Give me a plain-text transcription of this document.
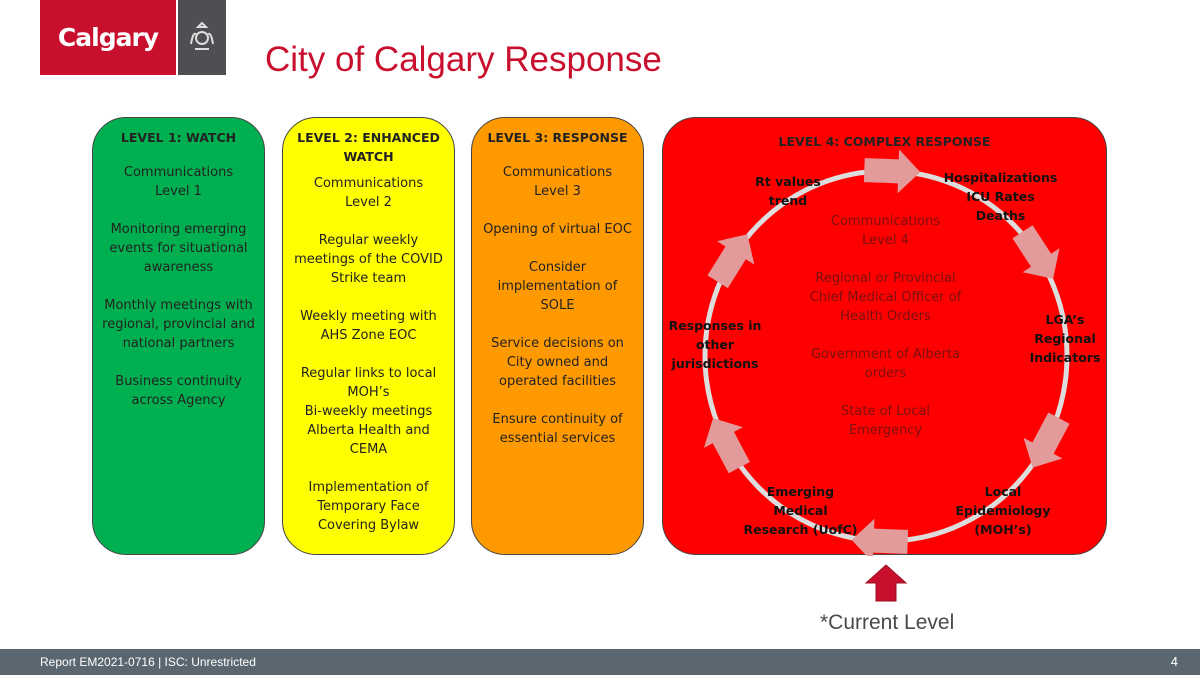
Calgary
City of Calgary Response
LEVEL 1: WATCH

Communications
Level 1

Monitoring emerging events for situational awareness

Monthly meetings with regional, provincial and national partners

Business continuity across Agency

LEVEL 2: ENHANCED WATCH

Communications
Level 2

Regular weekly meetings of the COVID Strike team

Weekly meeting with AHS Zone EOC

Regular links to local MOH’s
Bi-weekly meetings Alberta Health and CEMA

Implementation of Temporary Face Covering Bylaw

LEVEL 3: RESPONSE

Communications
Level 3

Opening of virtual EOC

Consider implementation of SOLE

Service decisions on City owned and operated facilities

Ensure continuity of essential services

LEVEL 4: COMPLEX RESPONSE

Communications
Level 4

Regional or Provincial Chief Medical Officer of Health Orders

Government of Alberta orders

State of Local Emergency

Rt values
trend
Hospitalizations
ICU Rates
Deaths
LGA’s
Regional
Indicators
Local
Epidemiology
(MOH’s)
Emerging
Medical
Research (UofC)
Responses in
other
jurisdictions
*Current Level
Report EM2021-0716 | ISC: Unrestricted	4
